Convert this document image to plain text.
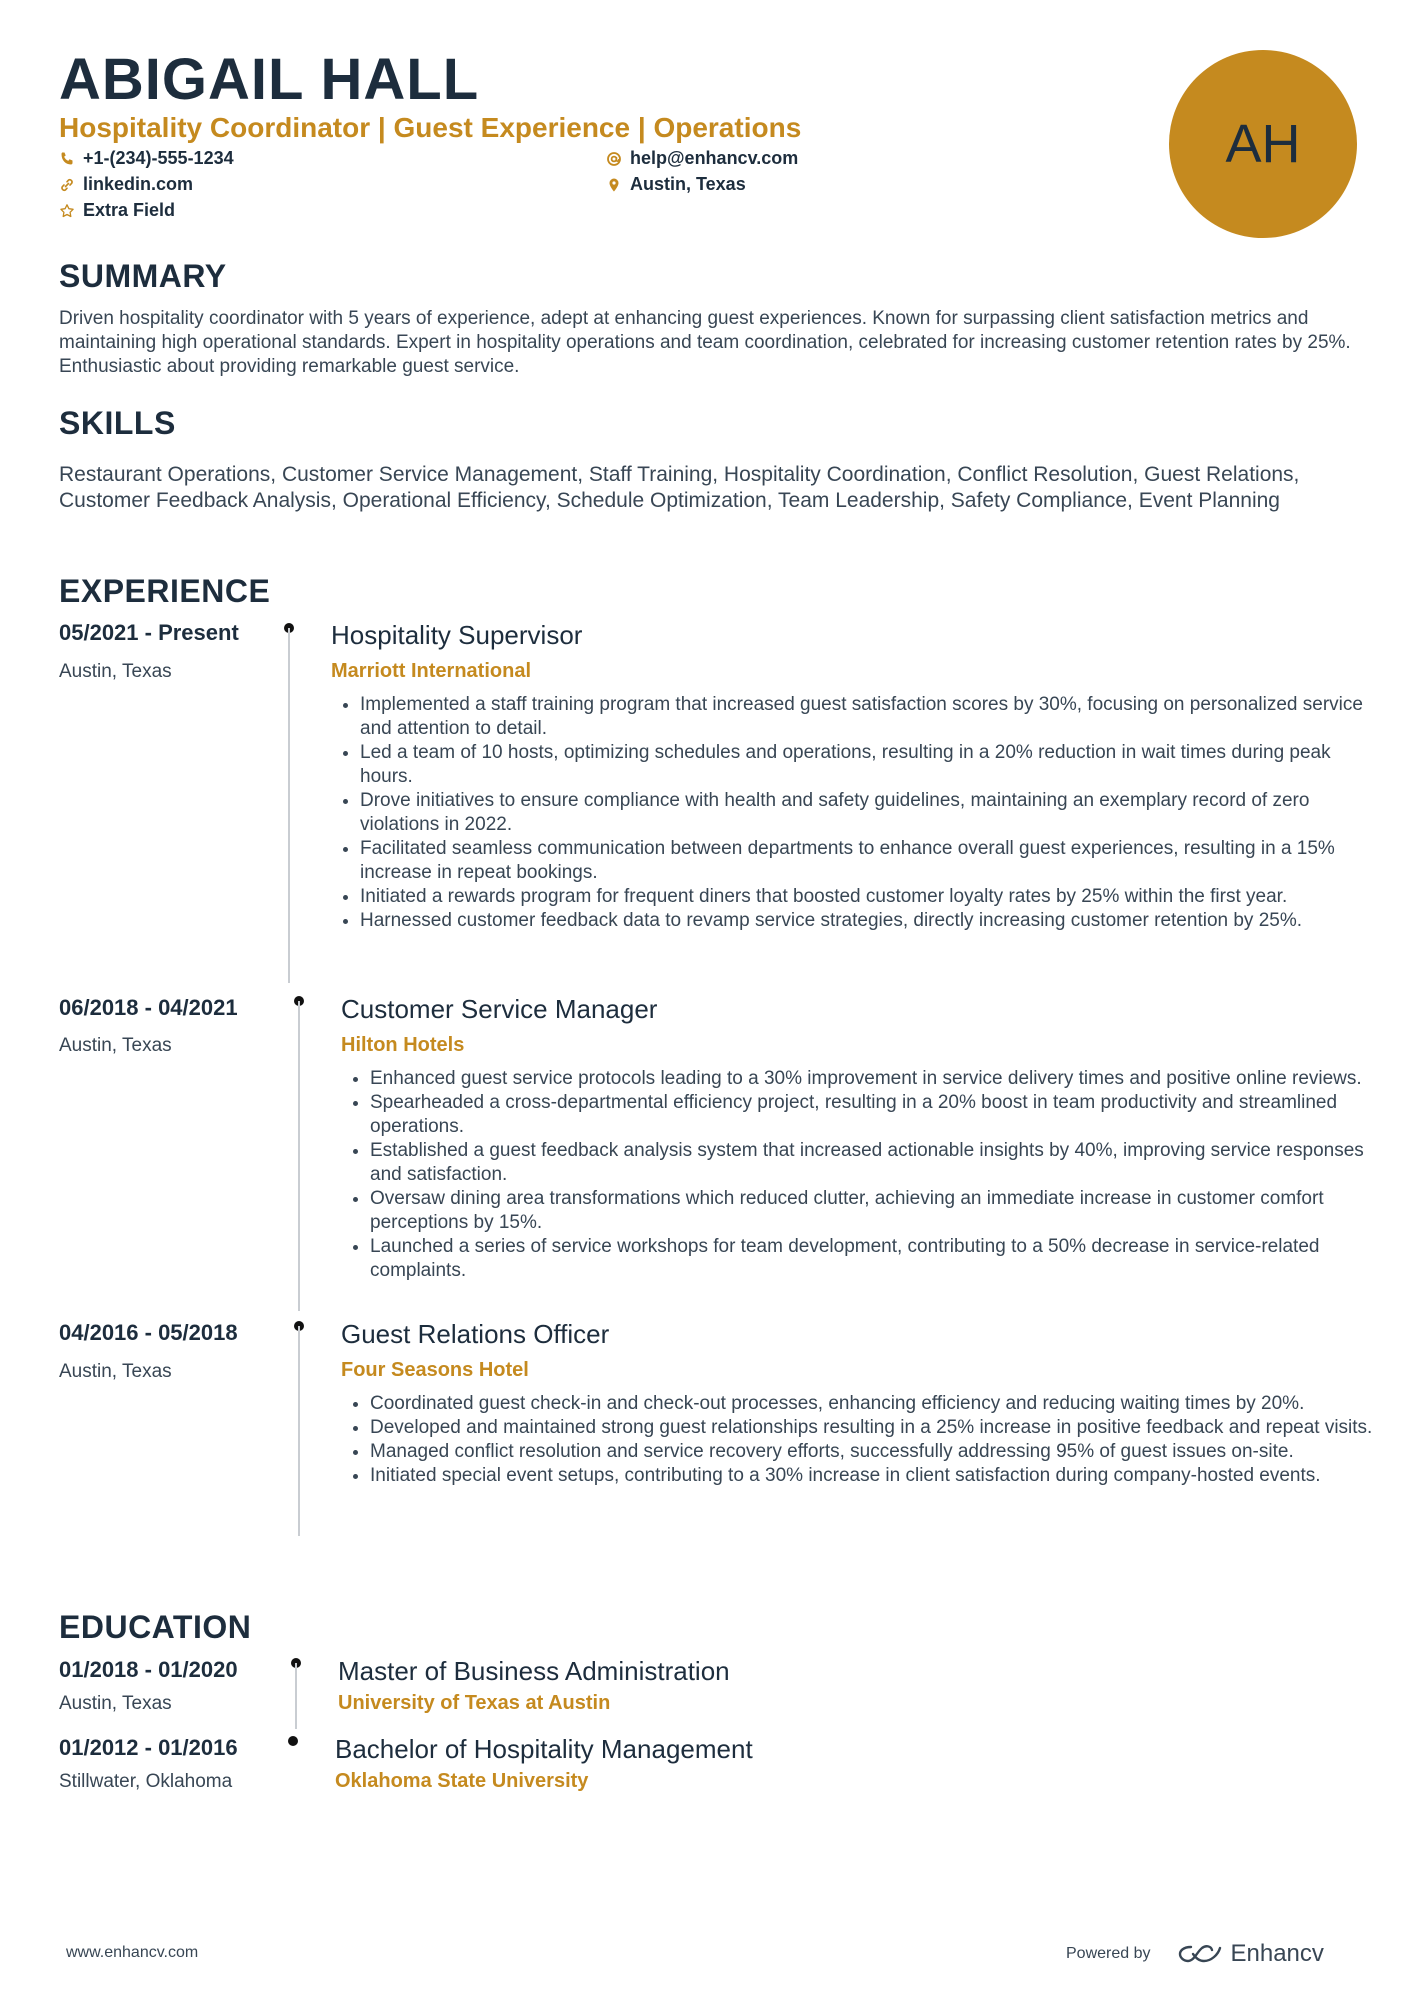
ABIGAIL HALL
Hospitality Coordinator | Guest Experience | Operations
+1-(234)-555-1234	help@enhancv.com
linkedin.com	Austin, Texas
Extra Field
AH
SUMMARY
Driven hospitality coordinator with 5 years of experience, adept at enhancing guest experiences. Known for surpassing client satisfaction metrics and maintaining high operational standards. Expert in hospitality operations and team coordination, celebrated for increasing customer retention rates by 25%. Enthusiastic about providing remarkable guest service.
SKILLS
Restaurant Operations, Customer Service Management, Staff Training, Hospitality Coordination, Conflict Resolution, Guest Relations, Customer Feedback Analysis, Operational Efficiency, Schedule Optimization, Team Leadership, Safety Compliance, Event Planning
EXPERIENCE
05/2021 - Present
Austin, Texas
Hospitality Supervisor
Marriott International
• Implemented a staff training program that increased guest satisfaction scores by 30%, focusing on personalized service and attention to detail.
• Led a team of 10 hosts, optimizing schedules and operations, resulting in a 20% reduction in wait times during peak hours.
• Drove initiatives to ensure compliance with health and safety guidelines, maintaining an exemplary record of zero violations in 2022.
• Facilitated seamless communication between departments to enhance overall guest experiences, resulting in a 15% increase in repeat bookings.
• Initiated a rewards program for frequent diners that boosted customer loyalty rates by 25% within the first year.
• Harnessed customer feedback data to revamp service strategies, directly increasing customer retention by 25%.
06/2018 - 04/2021
Austin, Texas
Customer Service Manager
Hilton Hotels
• Enhanced guest service protocols leading to a 30% improvement in service delivery times and positive online reviews.
• Spearheaded a cross-departmental efficiency project, resulting in a 20% boost in team productivity and streamlined operations.
• Established a guest feedback analysis system that increased actionable insights by 40%, improving service responses and satisfaction.
• Oversaw dining area transformations which reduced clutter, achieving an immediate increase in customer comfort perceptions by 15%.
• Launched a series of service workshops for team development, contributing to a 50% decrease in service-related complaints.
04/2016 - 05/2018
Austin, Texas
Guest Relations Officer
Four Seasons Hotel
• Coordinated guest check-in and check-out processes, enhancing efficiency and reducing waiting times by 20%.
• Developed and maintained strong guest relationships resulting in a 25% increase in positive feedback and repeat visits.
• Managed conflict resolution and service recovery efforts, successfully addressing 95% of guest issues on-site.
• Initiated special event setups, contributing to a 30% increase in client satisfaction during company-hosted events.
EDUCATION
01/2018 - 01/2020
Austin, Texas
Master of Business Administration
University of Texas at Austin
01/2012 - 01/2016
Stillwater, Oklahoma
Bachelor of Hospitality Management
Oklahoma State University
www.enhancv.com	Powered by	Enhancv
